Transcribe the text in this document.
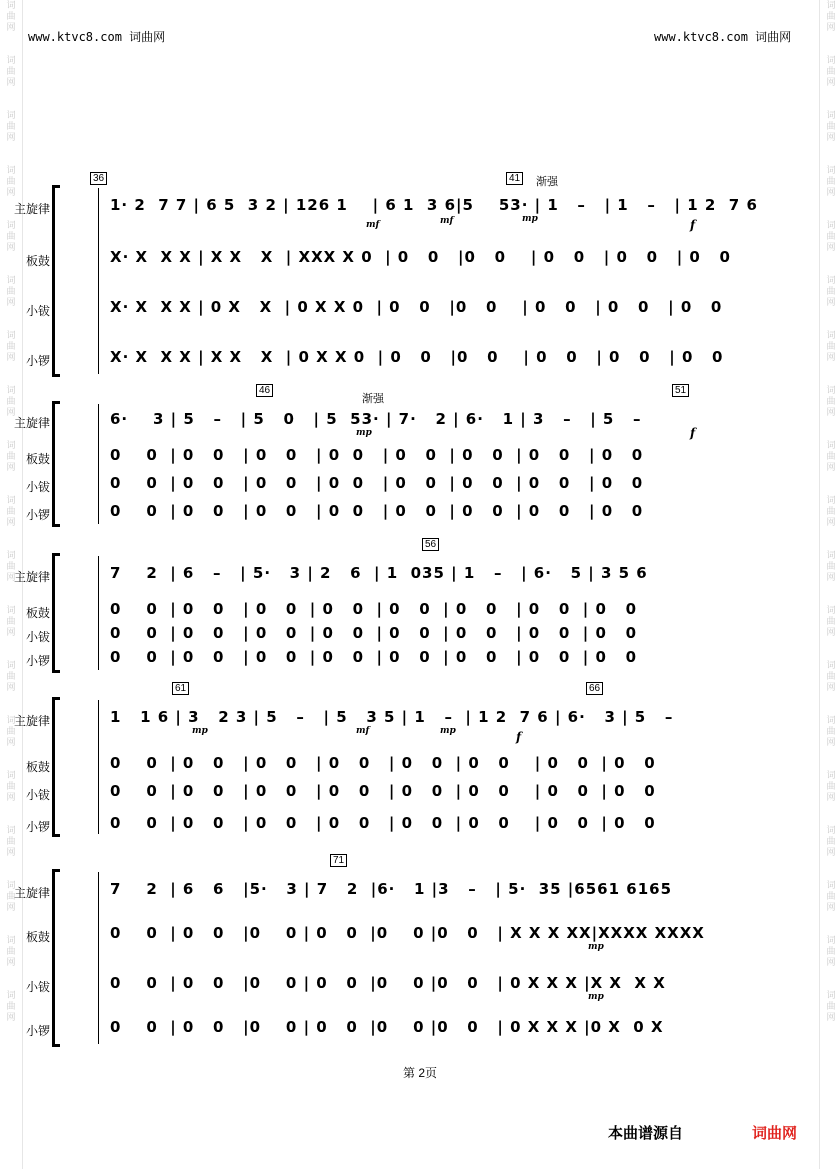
词
曲
网

词
曲
网

词
曲
网

词
曲
网

词
曲
网

词
曲
网

词
曲
网

词
曲
网

词
曲
网

词
曲
网

词
曲
网

词
曲
网

词
曲
网

词
曲
网

词
曲
网

词
曲
网

词
曲
网

词
曲
网

词
曲
网
词
曲
网

词
曲
网

词
曲
网

词
曲
网

词
曲
网

词
曲
网

词
曲
网

词
曲
网

词
曲
网

词
曲
网

词
曲
网

词
曲
网

词
曲
网

词
曲
网

词
曲
网

词
曲
网

词
曲
网

词
曲
网

词
曲
网
www.ktvc8.com 词曲网	www.ktvc8.com 词曲网
36	41 渐强
主旋律
板鼓
小钹
小锣
1· 2  7 7 | 6 5  3 2 | 126 1    | 6 1  3 6|5    53· | 1   –   | 1   –   | 1 2  7 6
X· X  X X | X X   X  | XXX X 0  | 0   0   |0   0    | 0   0   | 0   0   | 0   0
X· X  X X | 0 X   X  | 0 X X 0  | 0   0   |0   0    | 0   0   | 0   0   | 0   0
X· X  X X | X X   X  | 0 X X 0  | 0   0   |0   0    | 0   0   | 0   0   | 0   0
mf	mf	mp	f
46	51
渐强
主旋律
板鼓
小钹
小锣
6·    3 | 5   –   | 5   0   | 5  53· | 7·   2 | 6·   1 | 3   –   | 5   –
0    0  | 0   0   | 0   0   | 0  0   | 0   0  | 0   0  | 0   0   | 0   0
0    0  | 0   0   | 0   0   | 0  0   | 0   0  | 0   0  | 0   0   | 0   0
0    0  | 0   0   | 0   0   | 0  0   | 0   0  | 0   0  | 0   0   | 0   0
mp	f
56
主旋律
板鼓
小钹
小锣
7    2  | 6   –   | 5·   3 | 2   6  | 1  035 | 1   –   | 6·   5 | 3 5 6
0    0  | 0   0   | 0   0  | 0   0  | 0   0  | 0   0   | 0   0  | 0   0
0    0  | 0   0   | 0   0  | 0   0  | 0   0  | 0   0   | 0   0  | 0   0
0    0  | 0   0   | 0   0  | 0   0  | 0   0  | 0   0   | 0   0  | 0   0
61	66
主旋律
板鼓
小钹
小锣
1   1 6 | 3   2 3 | 5   –   | 5   3 5 | 1   –  | 1 2  7 6 | 6·   3 | 5   –
0    0  | 0   0   | 0   0   | 0   0   | 0   0  | 0   0    | 0   0  | 0   0
0    0  | 0   0   | 0   0   | 0   0   | 0   0  | 0   0    | 0   0  | 0   0
0    0  | 0   0   | 0   0   | 0   0   | 0   0  | 0   0    | 0   0  | 0   0
mp	mf	mp	f
71
主旋律
板鼓
小钹
小锣
7    2  | 6   6   |5·   3 | 7   2  |6·   1 |3   –   | 5·  35 |6561 6165
0    0  | 0   0   |0    0 | 0   0  |0    0 |0   0   | X X X XX|XXXX XXXX
0    0  | 0   0   |0    0 | 0   0  |0    0 |0   0   | 0 X X X |X X  X X
0    0  | 0   0   |0    0 | 0   0  |0    0 |0   0   | 0 X X X |0 X  0 X
mp
mp
第 2页
本曲谱源自	词曲网
